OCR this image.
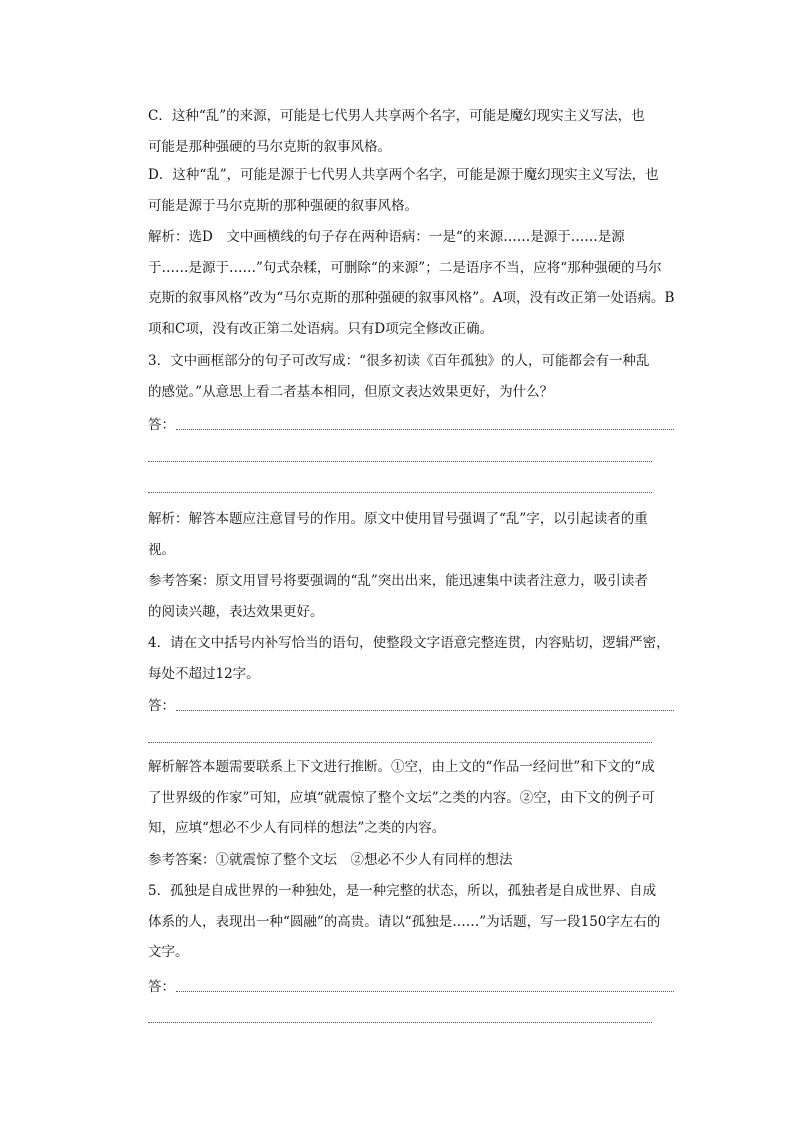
C．这种“乱”的来源，可能是七代男人共享两个名字，可能是魔幻现实主义写法，也
可能是那种强硬的马尔克斯的叙事风格。

D．这种“乱”，可能是源于七代男人共享两个名字，可能是源于魔幻现实主义写法，也
可能是源于马尔克斯的那种强硬的叙事风格。

解析：选D　文中画横线的句子存在两种语病：一是“的来源……是源于……是源
于……是源于……”句式杂糅，可删除“的来源”；二是语序不当，应将“那种强硬的马尔
克斯的叙事风格”改为“马尔克斯的那种强硬的叙事风格”。A项，没有改正第一处语病。B
项和C项，没有改正第二处语病。只有D项完全修改正确。

3．文中画框部分的句子可改写成：“很多初读《百年孤独》的人，可能都会有一种乱
的感觉。”从意思上看二者基本相同，但原文表达效果更好，为什么？

答：

解析：解答本题应注意冒号的作用。原文中使用冒号强调了“乱”字，以引起读者的重
视。

参考答案：原文用冒号将要强调的“乱”突出出来，能迅速集中读者注意力，吸引读者
的阅读兴趣，表达效果更好。

4．请在文中括号内补写恰当的语句，使整段文字语意完整连贯，内容贴切，逻辑严密，
每处不超过12字。

答：

解析解答本题需要联系上下文进行推断。①空，由上文的“作品一经问世”和下文的“成
了世界级的作家”可知，应填“就震惊了整个文坛”之类的内容。②空，由下文的例子可
知，应填“想必不少人有同样的想法”之类的内容。

参考答案：①就震惊了整个文坛　②想必不少人有同样的想法

5．孤独是自成世界的一种独处，是一种完整的状态，所以，孤独者是自成世界、自成
体系的人，表现出一种“圆融”的高贵。请以“孤独是……”为话题，写一段150字左右的
文字。

答：
